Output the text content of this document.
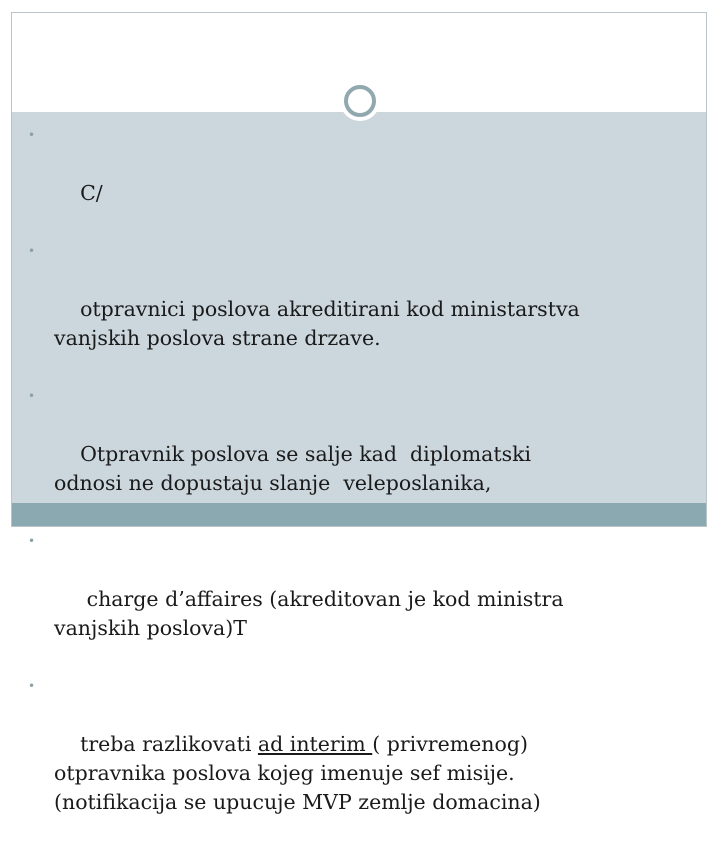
•

C/

•

otpravnici poslova akreditirani kod ministarstva
vanjskih poslova strane drzave.

•

Otpravnik poslova se salje kad  diplomatski
odnosi ne dopustaju slanje  veleposlanika,

•

charge d’affaires (akreditovan je kod ministra
vanjskih poslova)T

•

treba razlikovati ad interim ( privremenog)
otpravnika poslova kojeg imenuje sef misije.
(notifikacija se upucuje MVP zemlje domacina)
